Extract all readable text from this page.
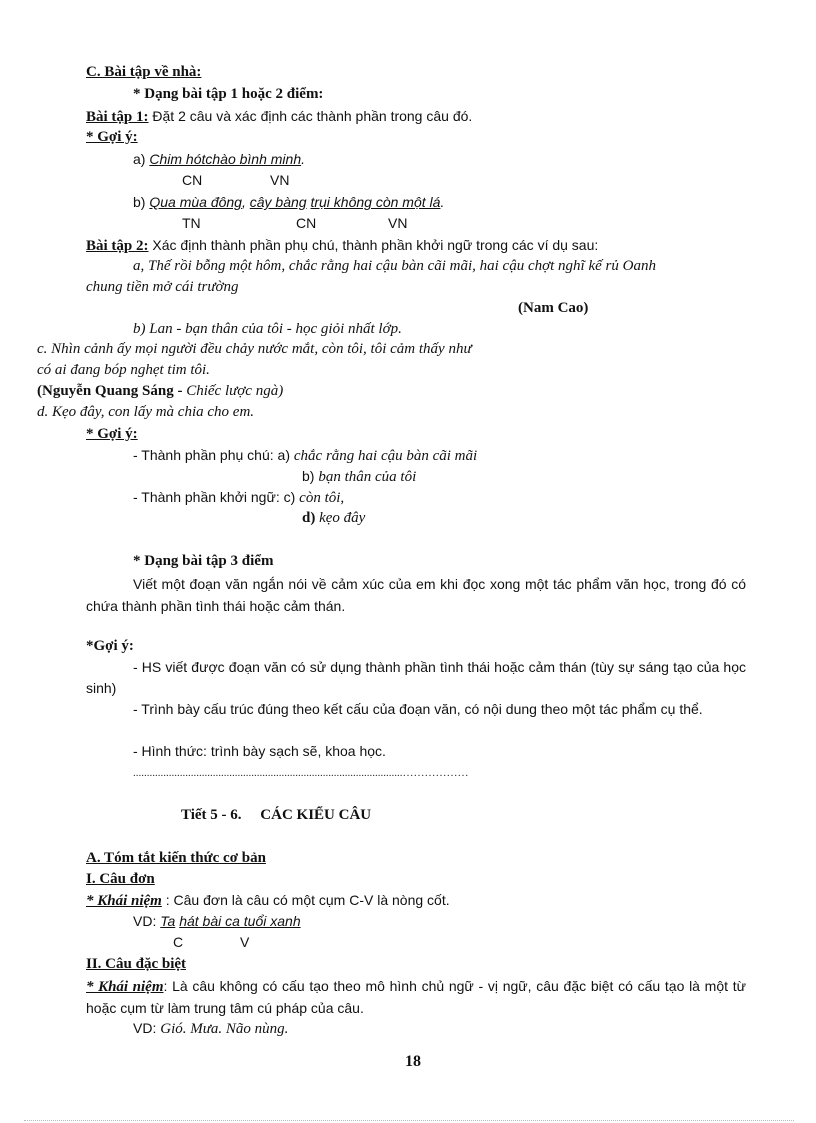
C. Bài tập về nhà:
* Dạng bài tập 1 hoặc 2 điểm:
Bài tập 1: Đặt 2 câu và xác định các thành phần trong câu đó.
* Gợi ý:
a) Chim hótchào bình minh.
CN	VN
b) Qua mùa đông, cây bàng trụi không còn một lá.
TN	CN	VN
Bài tập 2: Xác định thành phần phụ chú, thành phần khởi ngữ trong các ví dụ sau:
a, Thế rồi bỗng một hôm, chắc rằng hai cậu bàn cãi mãi, hai cậu chợt nghĩ kế rủ Oanh
chung tiền mở cái trường
(Nam Cao)
b) Lan - bạn thân của tôi - học giỏi nhất lớp.
c. Nhìn cảnh ấy mọi người đều chảy nước mắt, còn tôi, tôi cảm thấy như
có ai đang bóp nghẹt tim tôi.
(Nguyễn Quang Sáng - Chiếc lược ngà)
d. Kẹo đây, con lấy mà chia cho em.
* Gợi ý:
- Thành phần phụ chú: a) chắc rằng hai cậu bàn cãi mãi
b) bạn thân của tôi
- Thành phần khởi ngữ: c) còn tôi,
d) kẹo đây
* Dạng bài tập 3 điểm
Viết một đoạn văn ngắn nói về cảm xúc của em khi đọc xong một tác phẩm văn học, trong đó có chứa thành phần tình thái hoặc cảm thán.
*Gợi ý:
- HS viết được đoạn văn có sử dụng thành phần tình thái hoặc cảm thán (tùy sự sáng tạo của học sinh)
- Trình bày cấu trúc đúng theo kết cấu của đoạn văn, có nội dung theo một tác phẩm cụ thể.
- Hình thức: trình bày sạch sẽ, khoa học.
..................................................................................................………………
Tiết 5 - 6.     CÁC KIỂU CÂU
A. Tóm tắt kiến thức cơ bản
I. Câu đơn
* Khái niệm : Câu đơn là câu có một cụm C-V là nòng cốt.
VD: Ta hát bài ca tuổi xanh
C	V
II. Câu đặc biệt
* Khái niệm: Là câu không có cấu tạo theo mô hình chủ ngữ - vị ngữ, câu đặc biệt có cấu tạo là một từ hoặc cụm từ làm trung tâm cú pháp của câu.
VD: Gió. Mưa. Não nùng.
18
